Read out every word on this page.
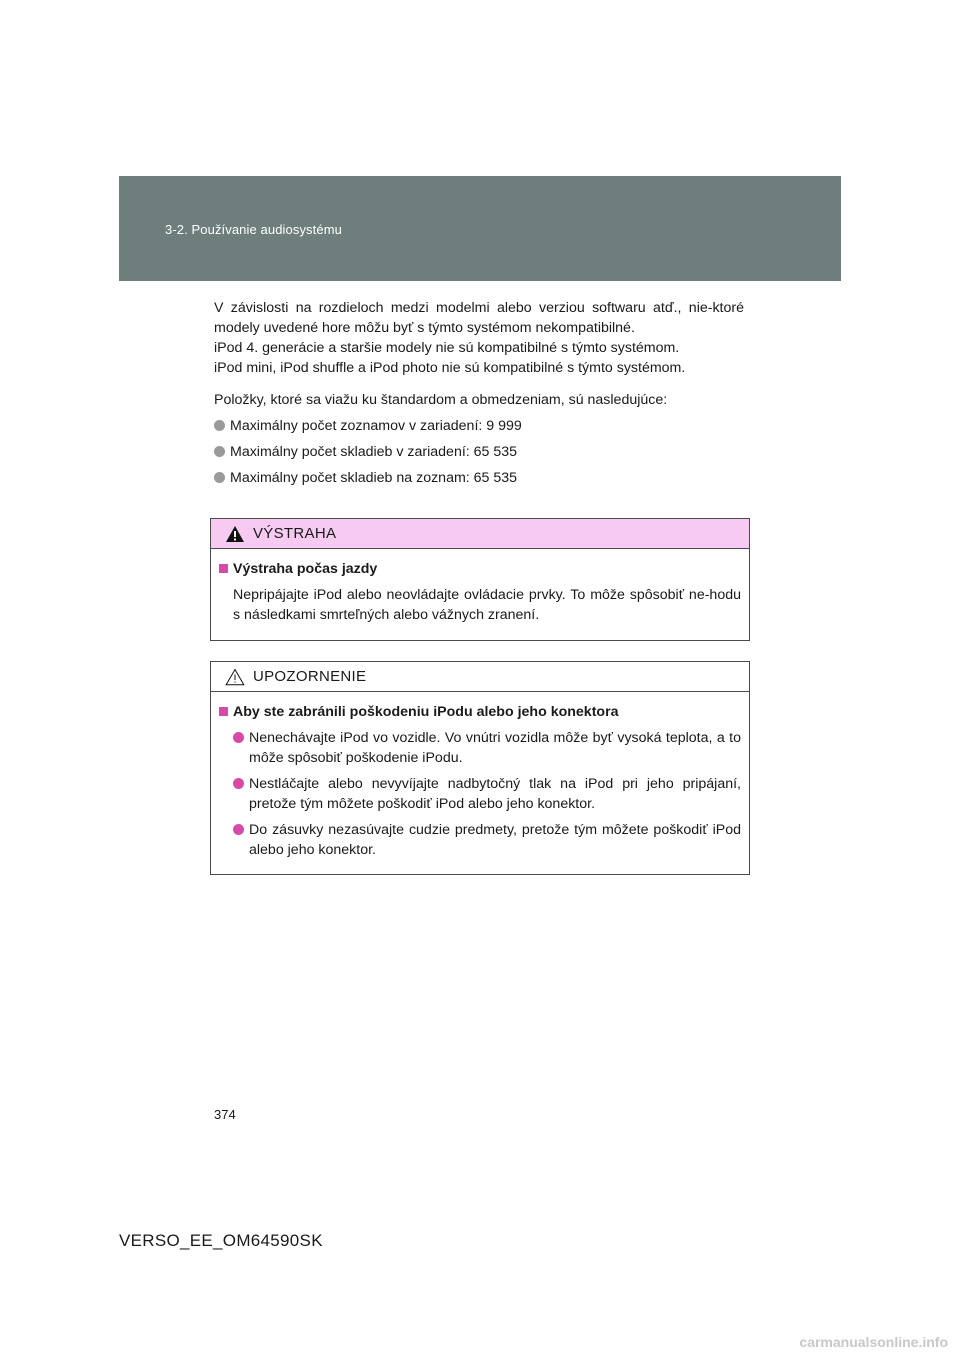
3-2. Používanie audiosystému

V závislosti na rozdieloch medzi modelmi alebo verziou softwaru atď., nie-ktoré modely uvedené hore môžu byť s týmto systémom nekompatibilné.

iPod 4. generácie a staršie modely nie sú kompatibilné s týmto systémom.

iPod mini, iPod shuffle a iPod photo nie sú kompatibilné s týmto systémom.

Položky, ktoré sa viažu ku štandardom a obmedzeniam, sú nasledujúce:

Maximálny počet zoznamov v zariadení: 9 999
Maximálny počet skladieb v zariadení: 65 535
Maximálny počet skladieb na zoznam: 65 535
VÝSTRAHA
Výstraha počas jazdy
Nepripájajte iPod alebo neovládajte ovládacie prvky. To môže spôsobiť ne-hodu s následkami smrteľných alebo vážnych zranení.
UPOZORNENIE
Aby ste zabránili poškodeniu iPodu alebo jeho konektora
Nenechávajte iPod vo vozidle. Vo vnútri vozidla môže byť vysoká teplota, a to môže spôsobiť poškodenie iPodu.
Nestláčajte alebo nevyvíjajte nadbytočný tlak na iPod pri jeho pripájaní, pretože tým môžete poškodiť iPod alebo jeho konektor.
Do zásuvky nezasúvajte cudzie predmety, pretože tým môžete poškodiť iPod alebo jeho konektor.
374
VERSO_EE_OM64590SK
carmanualsonline.info
